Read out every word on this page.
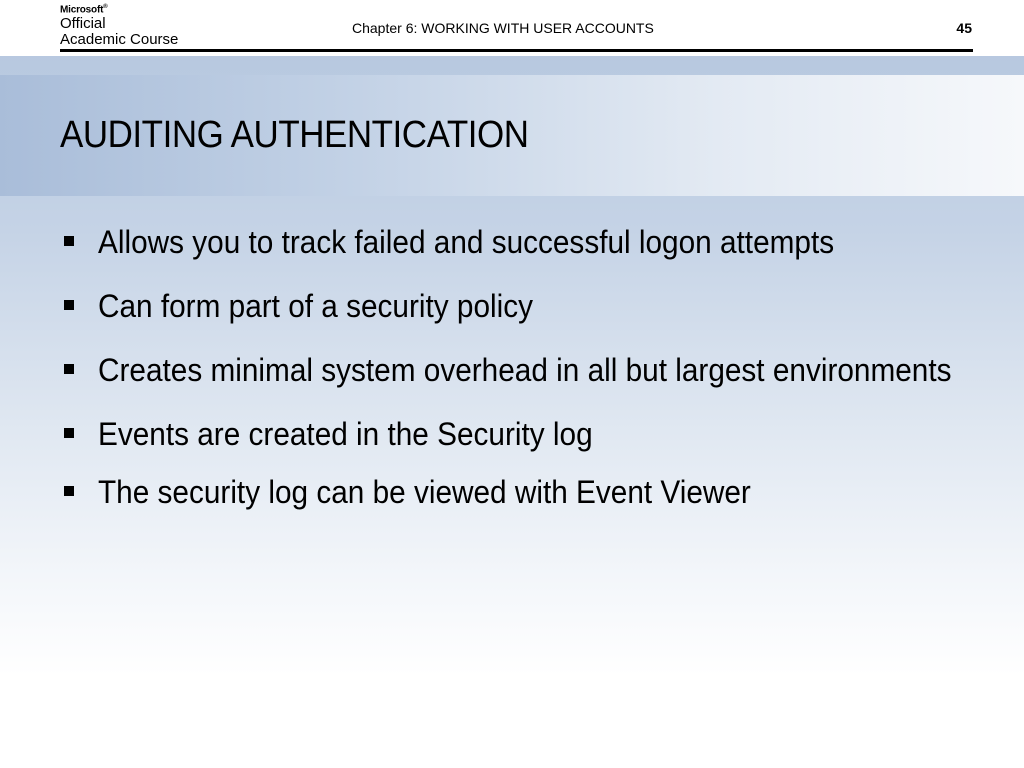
Microsoft®
Official
Academic Course
Chapter 6: WORKING WITH USER ACCOUNTS	45
AUDITING AUTHENTICATION
Allows you to track failed and successful logon attempts
Can form part of a security policy
Creates minimal system overhead in all but largest environments
Events are created in the Security log
The security log can be viewed with Event Viewer
